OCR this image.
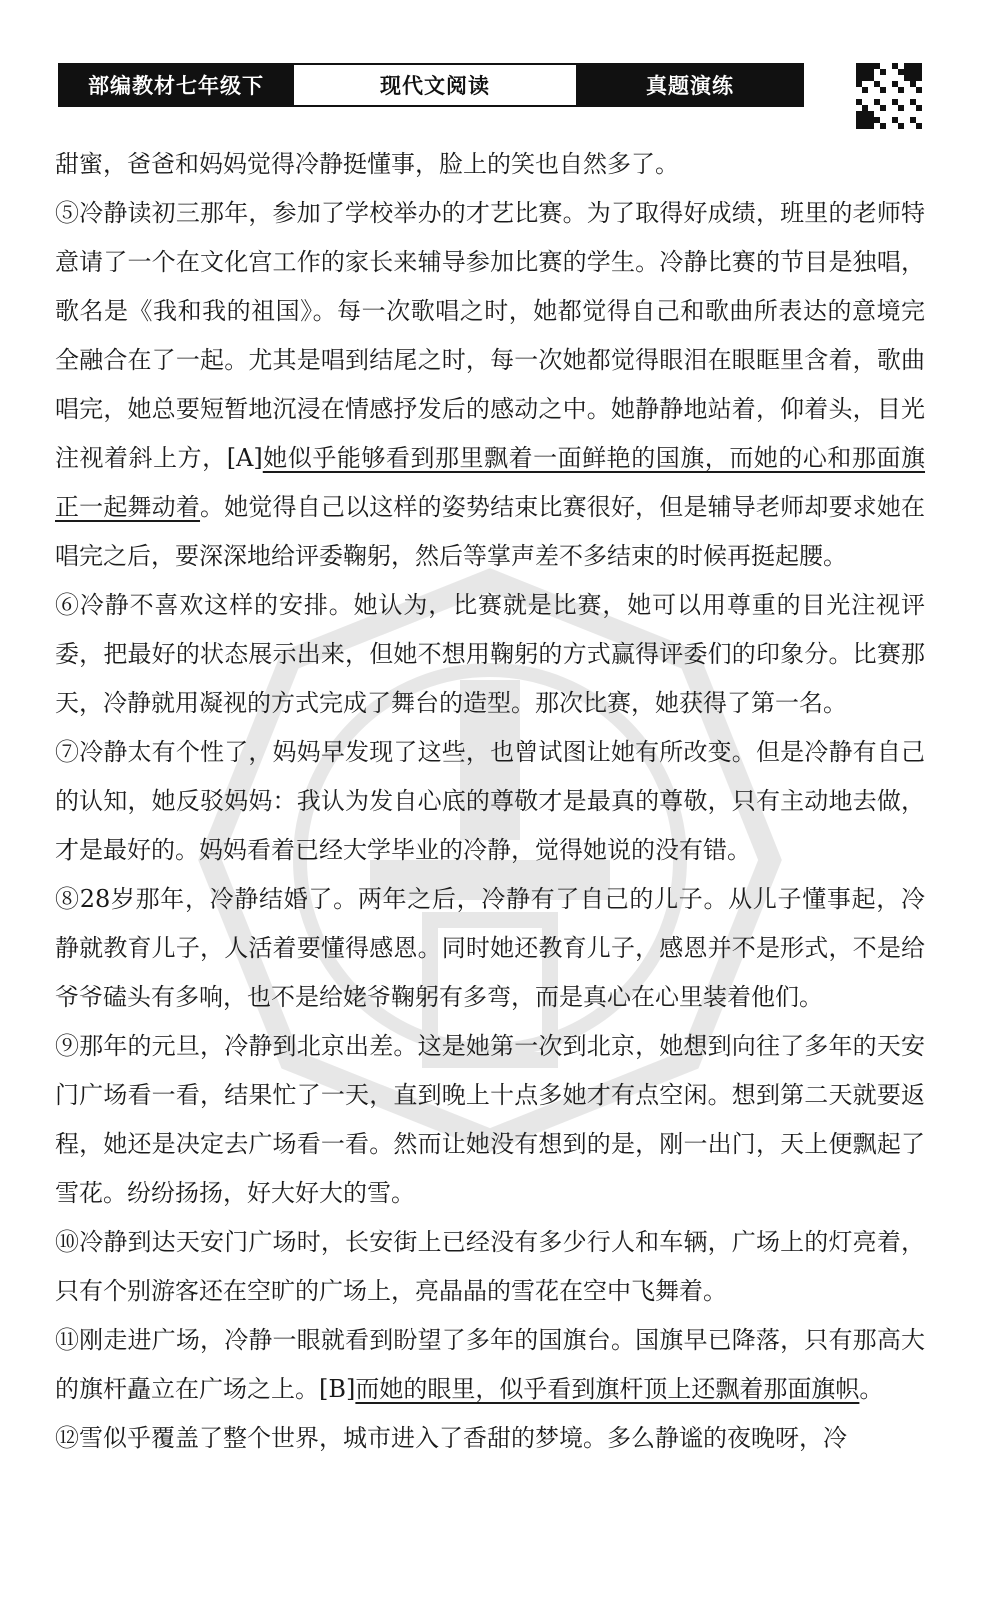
部编教材七年级下	现代文阅读	真题演练

甜蜜，爸爸和妈妈觉得冷静挺懂事，脸上的笑也自然多了。

⑤冷静读初三那年，参加了学校举办的才艺比赛。为了取得好成绩，班里的老师特意请了一个在文化宫工作的家长来辅导参加比赛的学生。冷静比赛的节目是独唱，歌名是《我和我的祖国》。每一次歌唱之时，她都觉得自己和歌曲所表达的意境完全融合在了一起。尤其是唱到结尾之时，每一次她都觉得眼泪在眼眶里含着，歌曲唱完，她总要短暂地沉浸在情感抒发后的感动之中。她静静地站着，仰着头，目光注视着斜上方，[A]她似乎能够看到那里飘着一面鲜艳的国旗，而她的心和那面旗正一起舞动着。她觉得自己以这样的姿势结束比赛很好，但是辅导老师却要求她在唱完之后，要深深地给评委鞠躬，然后等掌声差不多结束的时候再挺起腰。

⑥冷静不喜欢这样的安排。她认为，比赛就是比赛，她可以用尊重的目光注视评委，把最好的状态展示出来，但她不想用鞠躬的方式赢得评委们的印象分。比赛那天，冷静就用凝视的方式完成了舞台的造型。那次比赛，她获得了第一名。

⑦冷静太有个性了，妈妈早发现了这些，也曾试图让她有所改变。但是冷静有自己的认知，她反驳妈妈：我认为发自心底的尊敬才是最真的尊敬，只有主动地去做，才是最好的。妈妈看着已经大学毕业的冷静，觉得她说的没有错。

⑧28岁那年，冷静结婚了。两年之后，冷静有了自己的儿子。从儿子懂事起，冷静就教育儿子，人活着要懂得感恩。同时她还教育儿子，感恩并不是形式，不是给爷爷磕头有多响，也不是给姥爷鞠躬有多弯，而是真心在心里装着他们。

⑨那年的元旦，冷静到北京出差。这是她第一次到北京，她想到向往了多年的天安门广场看一看，结果忙了一天，直到晚上十点多她才有点空闲。想到第二天就要返程，她还是决定去广场看一看。然而让她没有想到的是，刚一出门，天上便飘起了雪花。纷纷扬扬，好大好大的雪。

⑩冷静到达天安门广场时，长安街上已经没有多少行人和车辆，广场上的灯亮着，只有个别游客还在空旷的广场上，亮晶晶的雪花在空中飞舞着。

⑪刚走进广场，冷静一眼就看到盼望了多年的国旗台。国旗早已降落，只有那高大的旗杆矗立在广场之上。[B]而她的眼里，似乎看到旗杆顶上还飘着那面旗帜。

⑫雪似乎覆盖了整个世界，城市进入了香甜的梦境。多么静谧的夜晚呀，冷
